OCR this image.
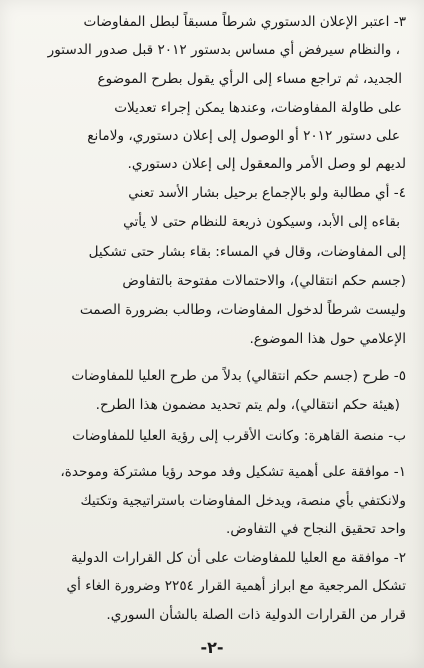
٣- اعتبر الإعلان الدستوري شرطاً مسبقاً لبطل المفاوضات
، والنظام سيرفض أي مساس بدستور ٢٠١٢ قبل صدور الدستور
الجديد، ثم تراجع مساء إلى الرأي يقول بطرح الموضوع
على طاولة المفاوضات، وعندها يمكن إجراء تعديلات
على دستور ٢٠١٢ أو الوصول إلى إعلان دستوري، ولامانع
لديهم لو وصل الأمر والمعقول إلى إعلان دستوري.
٤- أي مطالبة ولو بالإجماع برحيل بشار الأسد تعني
بقاءه إلى الأبد، وسيكون ذريعة للنظام حتى لا يأتي
إلى المفاوضات، وقال في المساء: بقاء بشار حتى تشكيل
(جسم حكم انتقالي)، والاحتمالات مفتوحة بالتفاوض
وليست شرطاً لدخول المفاوضات، وطالب بضرورة الصمت
الإعلامي حول هذا الموضوع.
٥- طرح (جسم حكم انتقالي) بدلاً من طرح العليا للمفاوضات
(هيئة حكم انتقالي)، ولم يتم تحديد مضمون هذا الطرح.
ب- منصة القاهرة: وكانت الأقرب إلى رؤية العليا للمفاوضات
١- موافقة على أهمية تشكيل وفد موحد رؤيا مشتركة وموحدة،
ولانكتفي بأي منصة، ويدخل المفاوضات باستراتيجية وتكتيك
واحد تحقيق النجاح في التفاوض.
٢- موافقة مع العليا للمفاوضات على أن كل القرارات الدولية
تشكل المرجعية مع ابراز أهمية القرار ٢٢٥٤ وضرورة الغاء أي
قرار من القرارات الدولية ذات الصلة بالشأن السوري.
-٢-
